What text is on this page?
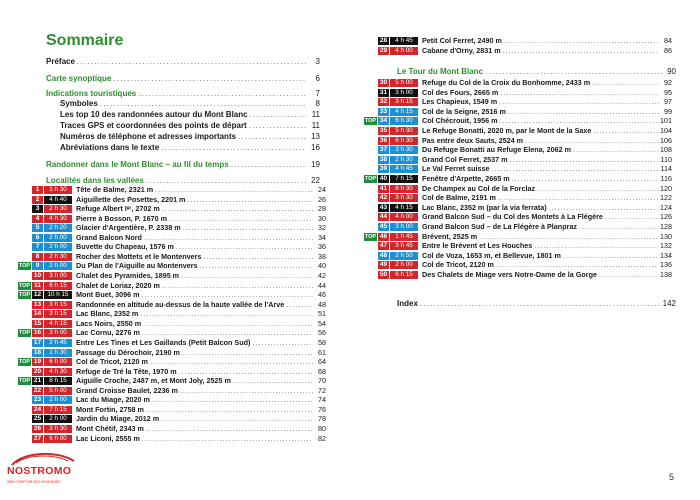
Sommaire
Préface . . .	3
Carte synoptique . . .	6
Indications touristiques . . .	7
Symboles . . .	8
Les top 10 des randonnées autour du Mont Blanc . . .	11
Traces GPS et coordonnées des points de départ . . .	11
Numéros de téléphone et adresses importants . . .	13
Abréviations dans le texte . . .	16
Randonner dans le Mont Blanc – au fil du temps . . .	19
Localités dans les vallées . . .	22
1	1 h 30	Tête de Balme, 2321 m . . .	24
2	4 h 40	Aiguillette des Posettes, 2201 m . . .	26
3	2 h 30	Refuge Albert Iᵉʳ, 2702 m . . .	28
4	4 h 30	Pierre à Bosson, P. 1670 m . . .	30
5	2 h 20	Glacier d'Argentière, P. 2338 m . . .	32
6	2 h 00	Grand Balcon Nord . . .	34
7	2 h 00	Buvette du Chapeau, 1576 m . . .	36
8	2 h 30	Rocher des Mottets et le Montenvers . . .	38
TOP 9	2 h 00	Du Plan de l'Aiguille au Montenvers . . .	40
10	3 h 00	Chalet des Pyramides, 1895 m . . .	42
TOP 11	6 h 15	Chalet de Loriaz, 2020 m . . .	44
TOP 12	10 h 15	Mont Buet, 3096 m . . .	46
13	3 h 15	Randonnée en altitude au-dessus de la haute vallée de l'Arve . . .	48
14	3 h 15	Lac Blanc, 2352 m . . .	51
15	4 h 15	Lacs Noirs, 2550 m . . .	54
TOP 16	3 h 00	Lac Cornu, 2276 m . . .	56
17	2 h 45	Entre Les Tines et Les Gaillands (Petit Balcon Sud) . . .	58
18	1 h 30	Passage du Dérochoir, 2190 m . . .	61
TOP 19	6 h 00	Col de Tricot, 2120 m . . .	64
20	4 h 30	Refuge de Tré la Tête, 1970 m . . .	68
TOP 21	8 h 15	Aiguille Croche, 2487 m, et Mont Joly, 2525 m . . .	70
22	5 h 00	Grand Croisse Baulet, 2236 m . . .	72
23	2 h 00	Lac du Miage, 2020 m . . .	74
24	7 h 15	Mont Fortin, 2758 m . . .	76
25	2 h 00	Jardin du Miage, 2012 m . . .	78
26	3 h 30	Mont Chétif, 2343 m . . .	80
27	6 h 00	Lac Liconi, 2555 m . . .	82
NOSTROMO
WEB COMPTOIR DES VOYAGEURS
28	4 h 45	Petit Col Ferret, 2490 m . . .	84
29	4 h 00	Cabane d'Orny, 2831 m . . .	86
Le Tour du Mont Blanc . . .	90
30	5 h 00	Refuge du Col de la Croix du Bonhomme, 2433 m . . .	92
31	3 h 00	Col des Fours, 2665 m . . .	95
32	3 h 15	Les Chapieux, 1549 m . . .	97
33	4 h 15	Col de la Seigne, 2516 m . . .	99
TOP 34	6 h 30	Col Chécrouit, 1956 m . . .	101
35	5 h 30	Le Refuge Bonatti, 2020 m, par le Mont de la Saxe . . .	104
36	6 h 30	Pas entre deux Sauts, 2524 m . . .	106
37	3 h 30	Du Refuge Bonatti au Refuge Elena, 2062 m . . .	108
38	2 h 30	Grand Col Ferret, 2537 m . . .	110
39	4 h 45	Le Val Ferret suisse . . .	114
TOP 40	7 h 15	Fenêtre d'Arpette, 2665 m . . .	116
41	6 h 30	De Champex au Col de la Forclaz . . .	120
42	3 h 30	Col de Balme, 2191 m . . .	122
43	4 h 15	Lac Blanc, 2352 m (par la via ferrata) . . .	124
44	4 h 00	Grand Balcon Sud – du Col des Montets à La Flégère . . .	126
45	3 h 00	Grand Balcon Sud – de La Flégère à Planpraz . . .	128
TOP 46	1 h 45	Brévent, 2525 m . . .	130
47	3 h 45	Entre le Brévent et Les Houches . . .	132
48	2 h 50	Col de Voza, 1653 m, et Bellevue, 1801 m . . .	134
49	2 h 00	Col de Tricot, 2120 m . . .	136
50	6 h 15	Des Chalets de Miage vers Notre-Dame de la Gorge . . .	138
Index . . .	142
5
